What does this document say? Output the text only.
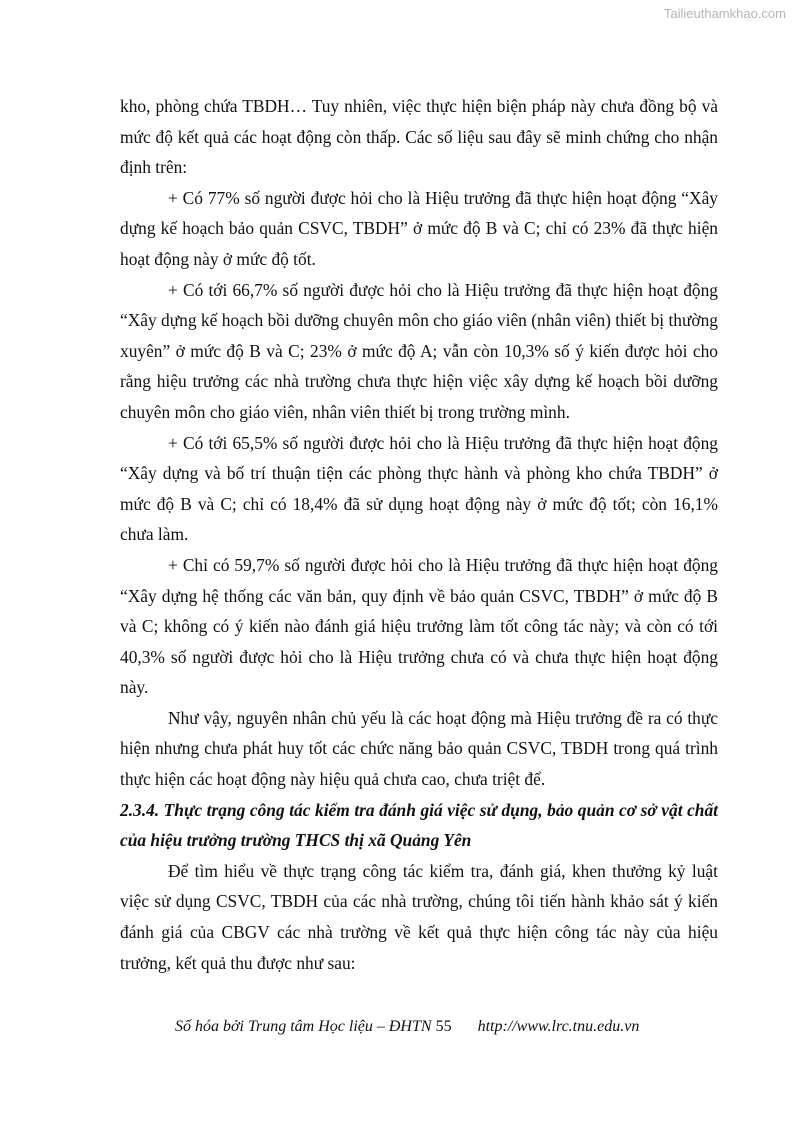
Tailieuthamkhao.com

kho, phòng chứa TBDH… Tuy nhiên, việc thực hiện biện pháp này chưa đồng bộ và mức độ kết quả các hoạt động còn thấp. Các số liệu sau đây sẽ minh chứng cho nhận định trên:

+ Có 77% số người được hỏi cho là Hiệu trưởng đã thực hiện hoạt động “Xây dựng kế hoạch bảo quản CSVC, TBDH” ở mức độ B và C; chỉ có 23% đã thực hiện hoạt động này ở mức độ tốt.

+ Có tới 66,7% số người được hỏi cho là Hiệu trưởng đã thực hiện hoạt động “Xây dựng kế hoạch bồi dưỡng chuyên môn cho giáo viên (nhân viên) thiết bị thường xuyên” ở mức độ B và C; 23% ở mức độ A; vẫn còn 10,3% số ý kiến được hỏi cho rằng hiệu trưởng các nhà trường chưa thực hiện việc xây dựng kế hoạch bồi dưỡng chuyên môn cho giáo viên, nhân viên thiết bị trong trường mình.

+ Có tới 65,5% số người được hỏi cho là Hiệu trưởng đã thực hiện hoạt động “Xây dựng và bố trí thuận tiện các phòng thực hành và phòng kho chứa TBDH” ở mức độ B và C; chỉ có 18,4% đã sử dụng hoạt động này ở mức độ tốt; còn 16,1% chưa làm.

+ Chỉ có 59,7% số người được hỏi cho là Hiệu trưởng đã thực hiện hoạt động “Xây dựng hệ thống các văn bản, quy định về bảo quản CSVC, TBDH” ở mức độ B và C; không có ý kiến nào đánh giá hiệu trưởng làm tốt công tác này; và còn có tới 40,3% số người được hỏi cho là Hiệu trưởng chưa có và chưa thực hiện hoạt động này.

Như vậy, nguyên nhân chủ yếu là các hoạt động mà Hiệu trưởng đề ra có thực hiện nhưng chưa phát huy tốt các chức năng bảo quản CSVC, TBDH trong quá trình thực hiện các hoạt động này hiệu quả chưa cao, chưa triệt để.

2.3.4. Thực trạng công tác kiểm tra đánh giá việc sử dụng, bảo quản cơ sở vật chất của hiệu trưởng trường THCS thị xã Quảng Yên

Để tìm hiểu về thực trạng công tác kiểm tra, đánh giá, khen thưởng kỷ luật việc sử dụng CSVC, TBDH của các nhà trường, chúng tôi tiến hành khảo sát ý kiến đánh giá của CBGV các nhà trường về kết quả thực hiện công tác này của hiệu trưởng, kết quả thu được như sau:

Số hóa bởi Trung tâm Học liệu – ĐHTN 55 http://www.lrc.tnu.edu.vn
